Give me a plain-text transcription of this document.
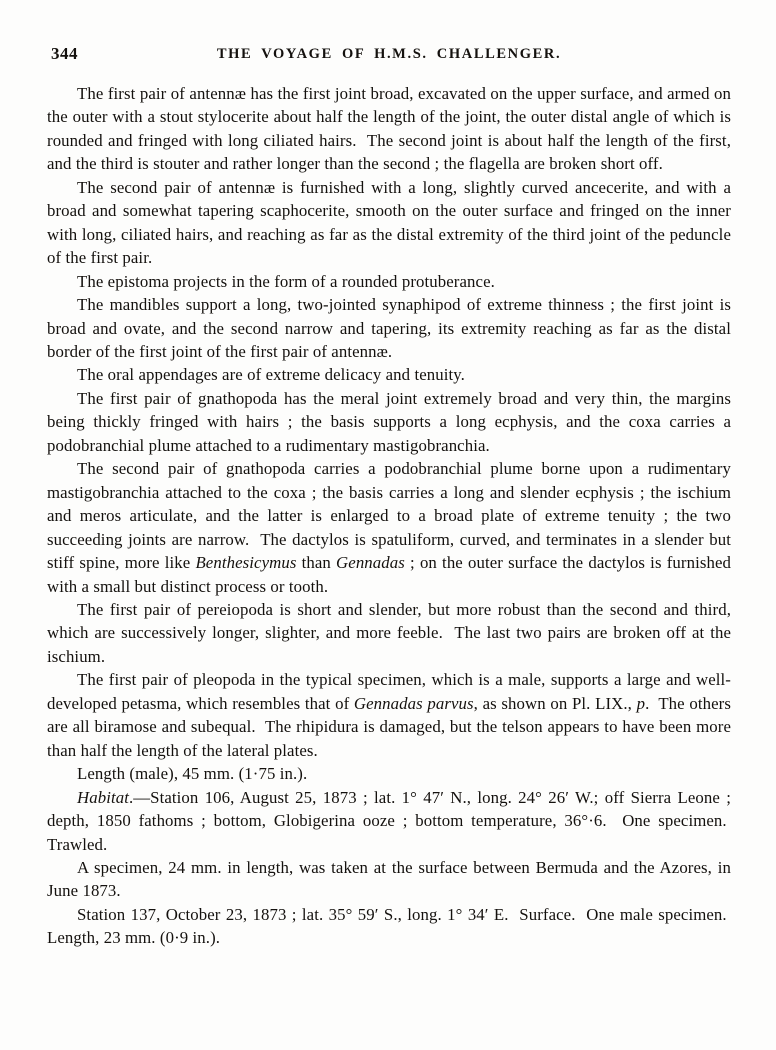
344	THE VOYAGE OF H.M.S. CHALLENGER.

The first pair of antennæ has the first joint broad, excavated on the upper surface, and armed on the outer with a stout stylocerite about half the length of the joint, the outer distal angle of which is rounded and fringed with long ciliated hairs.  The second joint is about half the length of the first, and the third is stouter and rather longer than the second ; the flagella are broken short off.

The second pair of antennæ is furnished with a long, slightly curved ancecerite, and with a broad and somewhat tapering scaphocerite, smooth on the outer surface and fringed on the inner with long, ciliated hairs, and reaching as far as the distal extremity of the third joint of the peduncle of the first pair.

The epistoma projects in the form of a rounded protuberance.

The mandibles support a long, two-jointed synaphipod of extreme thinness ; the first joint is broad and ovate, and the second narrow and tapering, its extremity reaching as far as the distal border of the first joint of the first pair of antennæ.

The oral appendages are of extreme delicacy and tenuity.

The first pair of gnathopoda has the meral joint extremely broad and very thin, the margins being thickly fringed with hairs ; the basis supports a long ecphysis, and the coxa carries a podobranchial plume attached to a rudimentary mastigobranchia.

The second pair of gnathopoda carries a podobranchial plume borne upon a rudimentary mastigobranchia attached to the coxa ; the basis carries a long and slender ecphysis ; the ischium and meros articulate, and the latter is enlarged to a broad plate of extreme tenuity ; the two succeeding joints are narrow.  The dactylos is spatuliform, curved, and terminates in a slender but stiff spine, more like Benthesicymus than Gennadas ; on the outer surface the dactylos is furnished with a small but distinct process or tooth.

The first pair of pereiopoda is short and slender, but more robust than the second and third, which are successively longer, slighter, and more feeble.  The last two pairs are broken off at the ischium.

The first pair of pleopoda in the typical specimen, which is a male, supports a large and well-developed petasma, which resembles that of Gennadas parvus, as shown on Pl. LIX., p.  The others are all biramose and subequal.  The rhipidura is damaged, but the telson appears to have been more than half the length of the lateral plates.

Length (male), 45 mm. (1·75 in.).

Habitat.—Station 106, August 25, 1873 ; lat. 1° 47′ N., long. 24° 26′ W.; off Sierra Leone ; depth, 1850 fathoms ; bottom, Globigerina ooze ; bottom temperature, 36°·6.  One specimen.  Trawled.

A specimen, 24 mm. in length, was taken at the surface between Bermuda and the Azores, in June 1873.

Station 137, October 23, 1873 ; lat. 35° 59′ S., long. 1° 34′ E.  Surface.  One male specimen.  Length, 23 mm. (0·9 in.).
